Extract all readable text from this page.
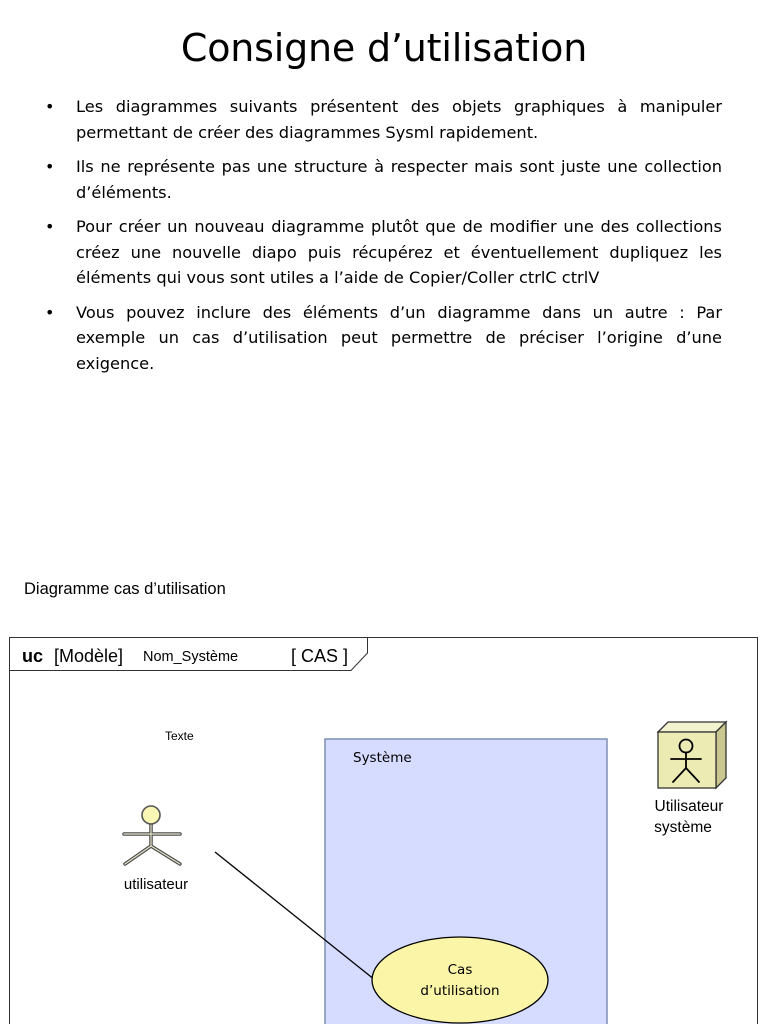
Consigne d’utilisation
• Les diagrammes suivants présentent des objets graphiques à manipuler permettant de créer des diagrammes Sysml rapidement.
• Ils ne représente pas une structure à respecter mais sont juste une collection d’éléments.
• Pour créer un nouveau diagramme plutôt que de modifier une des collections créez une nouvelle diapo puis récupérez et éventuellement dupliquez les éléments qui vous sont utiles a l’aide de Copier/Coller ctrlC ctrlV
• Vous pouvez inclure des éléments d’un diagramme dans un autre : Par exemple un cas d’utilisation peut permettre de préciser l’origine d’une exigence.
Diagramme cas d’utilisation
uc [Modèle] Nom_Système	[ CAS ]
Texte
Système
Cas
d’utilisation
utilisateur
Utilisateur
système
